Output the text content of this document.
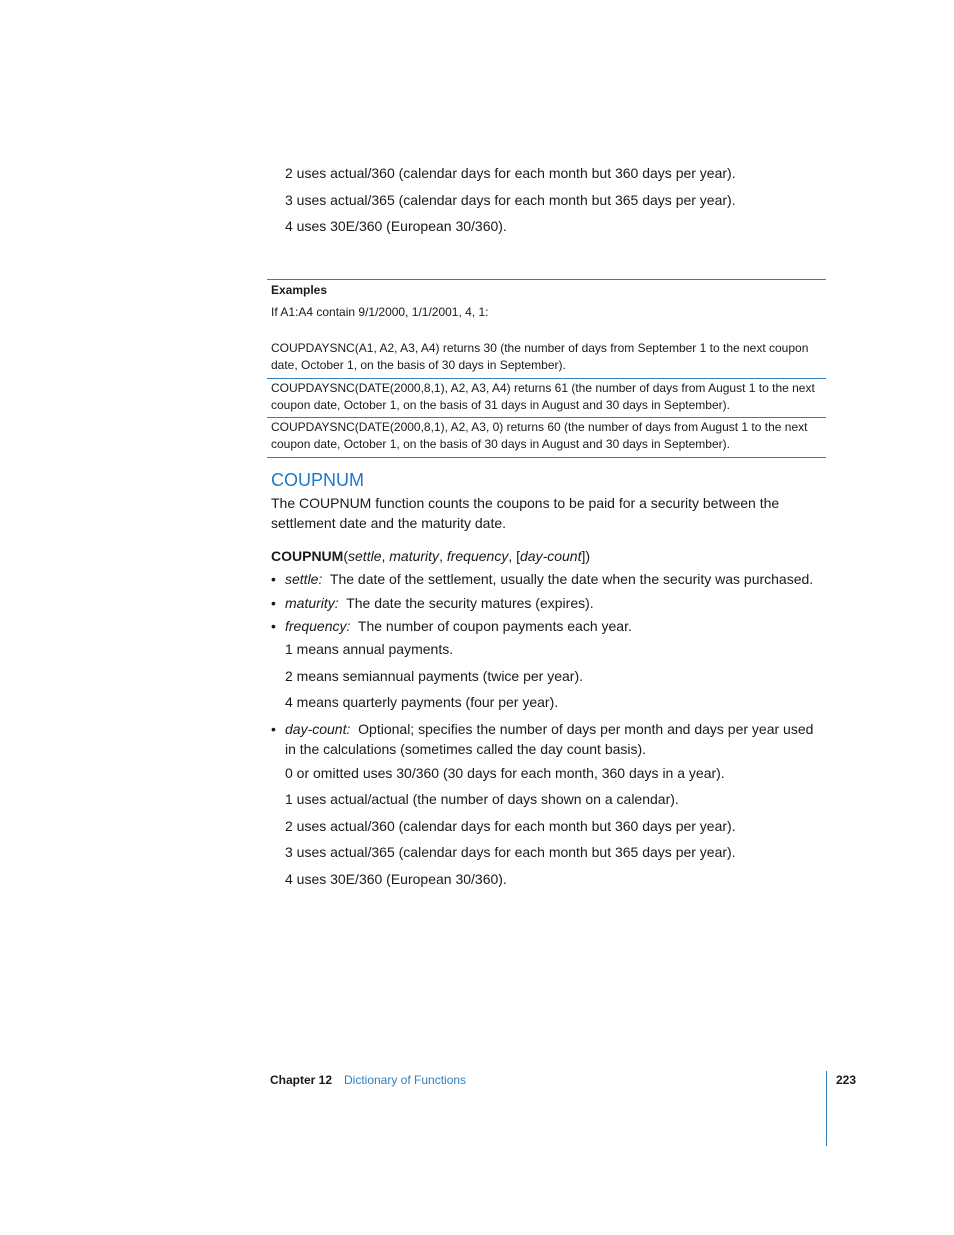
2 uses actual/360 (calendar days for each month but 360 days per year).
3 uses actual/365 (calendar days for each month but 365 days per year).
4 uses 30E/360 (European 30/360).
Examples
If A1:A4 contain 9/1/2000, 1/1/2001, 4, 1:
COUPDAYSNC(A1, A2, A3, A4) returns 30 (the number of days from September 1 to the next coupon
date, October 1, on the basis of 30 days in September).
COUPDAYSNC(DATE(2000,8,1), A2, A3, A4) returns 61 (the number of days from August 1 to the next
coupon date, October 1, on the basis of 31 days in August and 30 days in September).
COUPDAYSNC(DATE(2000,8,1), A2, A3, 0) returns 60 (the number of days from August 1 to the next
coupon date, October 1, on the basis of 30 days in August and 30 days in September).
COUPNUM
The COUPNUM function counts the coupons to be paid for a security between the
settlement date and the maturity date.
COUPNUM(settle, maturity, frequency, [day-count])
• settle: The date of the settlement, usually the date when the security was purchased.
• maturity: The date the security matures (expires).
• frequency: The number of coupon payments each year.
1 means annual payments.
2 means semiannual payments (twice per year).
4 means quarterly payments (four per year).
• day-count: Optional; specifies the number of days per month and days per year used
in the calculations (sometimes called the day count basis).
0 or omitted uses 30/360 (30 days for each month, 360 days in a year).
1 uses actual/actual (the number of days shown on a calendar).
2 uses actual/360 (calendar days for each month but 360 days per year).
3 uses actual/365 (calendar days for each month but 365 days per year).
4 uses 30E/360 (European 30/360).
Chapter 12 Dictionary of Functions	223
